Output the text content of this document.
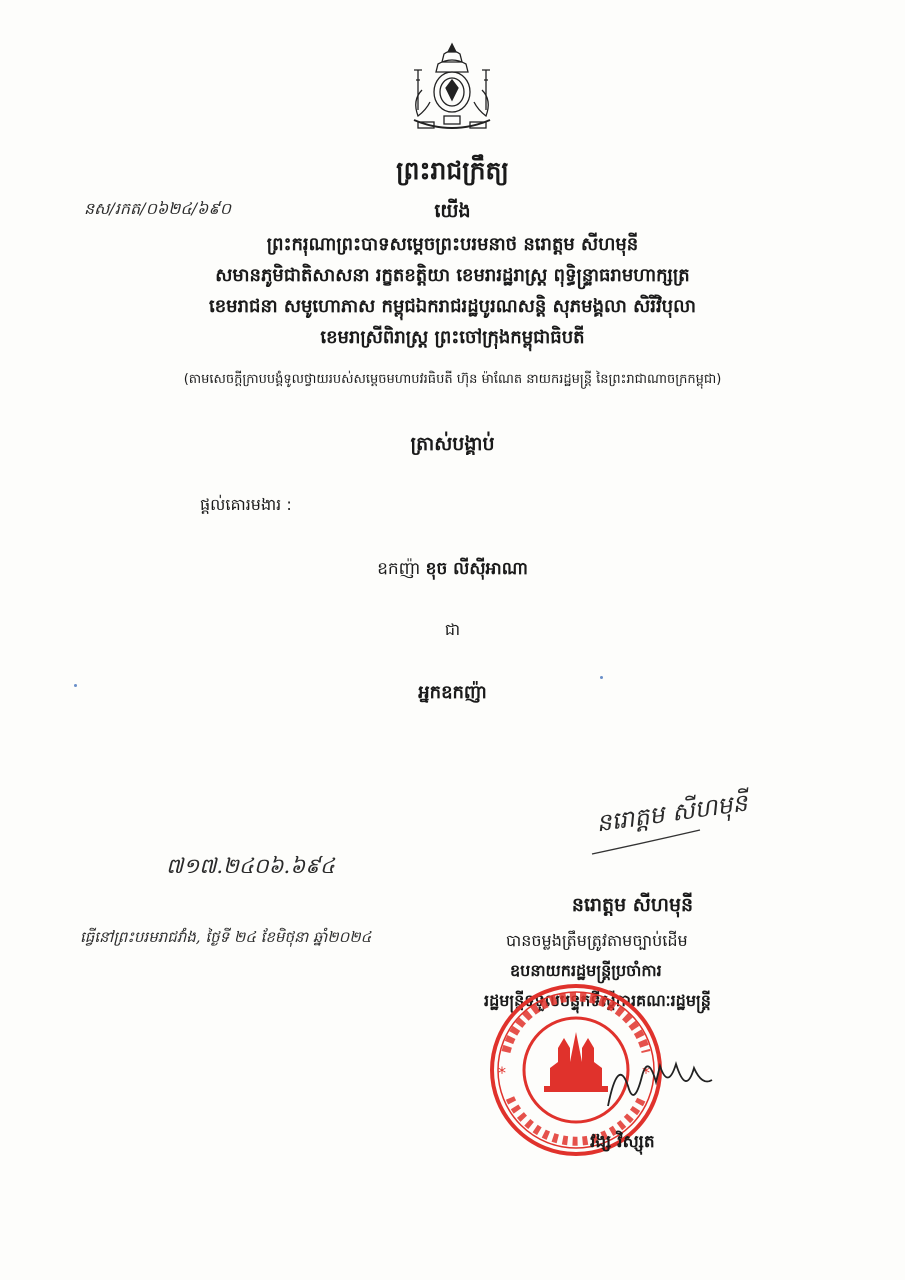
ព្រះរាជក្រឹត្យ
នស/រកត/០៦២៤/៦៩០	យើង
ព្រះករុណាព្រះបាទសម្តេចព្រះបរមនាថ នរោត្តម សីហមុនី
សមានភូមិជាតិសាសនា រក្ខតខត្តិយា ខេមរារដ្ឋរាស្ត្រ ពុទ្ធិន្ទ្រាធរាមហាក្សត្រ
ខេមរាជនា សមូហោភាស កម្ពុជឯករាជរដ្ឋបូរណសន្តិ សុភមង្គលា សិរីវិបុលា
ខេមរាស្រីពិរាស្ត្រ ព្រះចៅក្រុងកម្ពុជាធិបតី
(តាមសេចក្តីក្រាបបង្គំទូលថ្វាយរបស់សម្តេចមហាបវរធិបតី ហ៊ុន ម៉ាណែត នាយករដ្ឋមន្ត្រី នៃព្រះរាជាណាចក្រកម្ពុជា)
ត្រាស់បង្គាប់
ផ្តល់គោរមងារ :
ឧកញ៉ា ខុច លីស៊ីអាណា
ជា
អ្នកឧកញ៉ា
នរោត្តម សីហមុនី
៧១៧.២៤០៦.៦៩៤
នរោត្តម សីហមុនី
ធ្វើនៅព្រះបរមរាជវាំង, ថ្ងៃទី ២៤ ខែមិថុនា ឆ្នាំ២០២៤	បានចម្លងត្រឹមត្រូវតាមច្បាប់ដើម
ឧបនាយករដ្ឋមន្ត្រីប្រចាំការ
រដ្ឋមន្ត្រីទទួលបន្ទុកទីស្តីការគណៈរដ្ឋមន្ត្រី
*	*
វង្ស វិស្សុត
